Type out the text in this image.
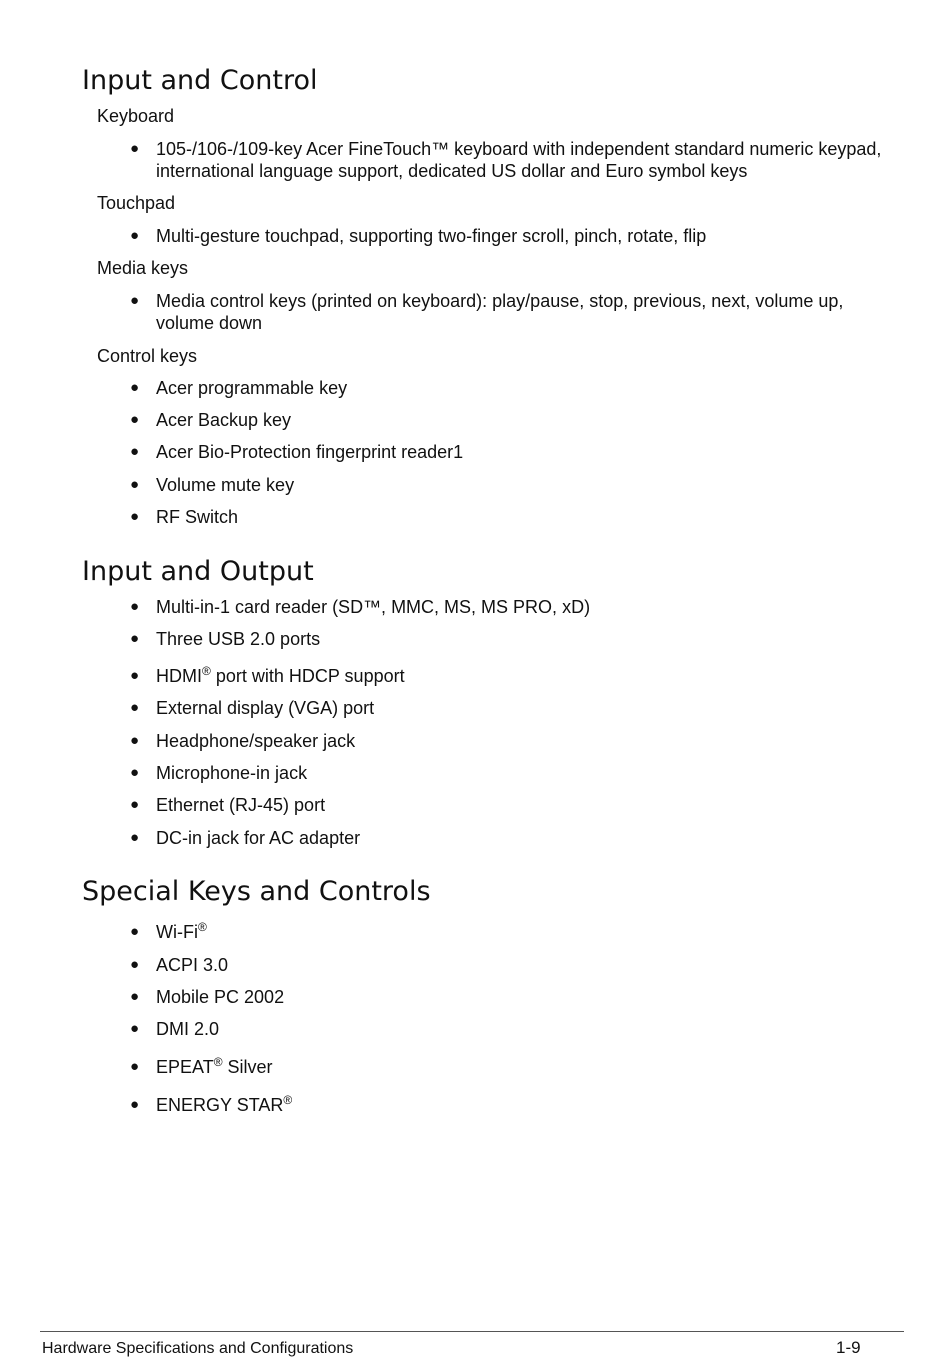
Input and Control
Keyboard
● 105-/106-/109-key Acer FineTouch™ keyboard with independent standard numeric keypad, international language support, dedicated US dollar and Euro symbol keys
Touchpad
● Multi-gesture touchpad, supporting two-finger scroll, pinch, rotate, flip
Media keys
● Media control keys (printed on keyboard): play/pause, stop, previous, next, volume up, volume down
Control keys
● Acer programmable key
● Acer Backup key
● Acer Bio-Protection fingerprint reader1
● Volume mute key
● RF Switch
Input and Output
● Multi-in-1 card reader (SD™, MMC, MS, MS PRO, xD)
● Three USB 2.0 ports
● HDMI® port with HDCP support
● External display (VGA) port
● Headphone/speaker jack
● Microphone-in jack
● Ethernet (RJ-45) port
● DC-in jack for AC adapter
Special Keys and Controls
● Wi-Fi®
● ACPI 3.0
● Mobile PC 2002
● DMI 2.0
● EPEAT® Silver
● ENERGY STAR®
Hardware Specifications and Configurations	1-9
